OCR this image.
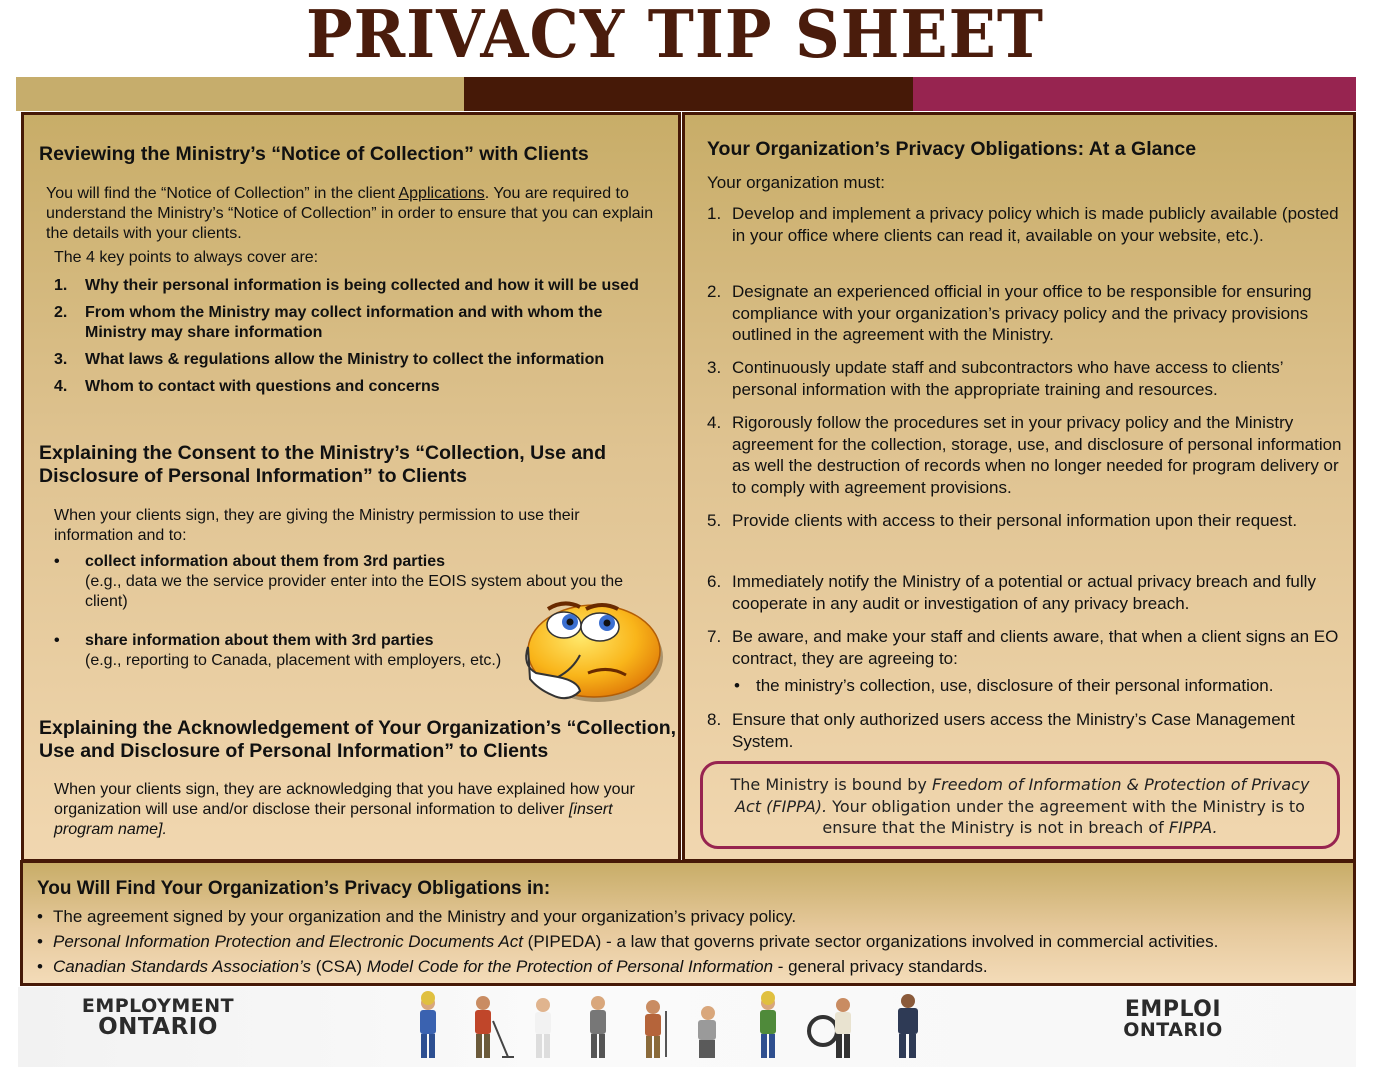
PRIVACY TIP SHEET
Reviewing the Ministry’s “Notice of Collection” with Clients
You will find the “Notice of Collection” in the client Applications. You are required to understand the Ministry’s “Notice of Collection” in order to ensure that you can explain the details with your clients.
The 4 key points to always cover are:
1. Why their personal information is being collected and how it will be used
2. From whom the Ministry may collect information and with whom the Ministry may share information
3. What laws & regulations allow the Ministry to collect the information
4. Whom to contact with questions and concerns
Explaining the Consent to the Ministry’s “Collection, Use and Disclosure of Personal Information” to Clients
When your clients sign, they are giving the Ministry permission to use their information and to:
• collect information about them from 3rd parties
(e.g., data we the service provider enter into the EOIS system about you the client)
• share information about them with 3rd parties
(e.g., reporting to Canada, placement with employers, etc.)
Explaining the Acknowledgement of Your Organization’s “Collection, Use and Disclosure of Personal Information” to Clients
When your clients sign, they are acknowledging that you have explained how your organization will use and/or disclose their personal information to deliver [insert program name].
Your Organization’s Privacy Obligations: At a Glance
Your organization must:
1. Develop and implement a privacy policy which is made publicly available (posted in your office where clients can read it, available on your website, etc.).
2. Designate an experienced official in your office to be responsible for ensuring compliance with your organization’s privacy policy and the privacy provisions outlined in the agreement with the Ministry.
3. Continuously update staff and subcontractors who have access to clients’ personal information with the appropriate training and resources.
4. Rigorously follow the procedures set in your privacy policy and the Ministry agreement for the collection, storage, use, and disclosure of personal information as well the destruction of records when no longer needed for program delivery or to comply with agreement provisions.
5. Provide clients with access to their personal information upon their request.
6. Immediately notify the Ministry of a potential or actual privacy breach and fully cooperate in any audit or investigation of any privacy breach.
7. Be aware, and make your staff and clients aware, that when a client signs an EO contract, they are agreeing to:
• the ministry’s collection, use, disclosure of their personal information.
8. Ensure that only authorized users access the Ministry’s Case Management System.
The Ministry is bound by Freedom of Information & Protection of Privacy Act (FIPPA). Your obligation under the agreement with the Ministry is to ensure that the Ministry is not in breach of FIPPA.
You Will Find Your Organization’s Privacy Obligations in:
• The agreement signed by your organization and the Ministry and your organization’s privacy policy.
• Personal Information Protection and Electronic Documents Act (PIPEDA) - a law that governs private sector organizations involved in commercial activities.
• Canadian Standards Association’s (CSA) Model Code for the Protection of Personal Information - general privacy standards.
EMPLOYMENT
ONTARIO
EMPLOI
ONTARIO
